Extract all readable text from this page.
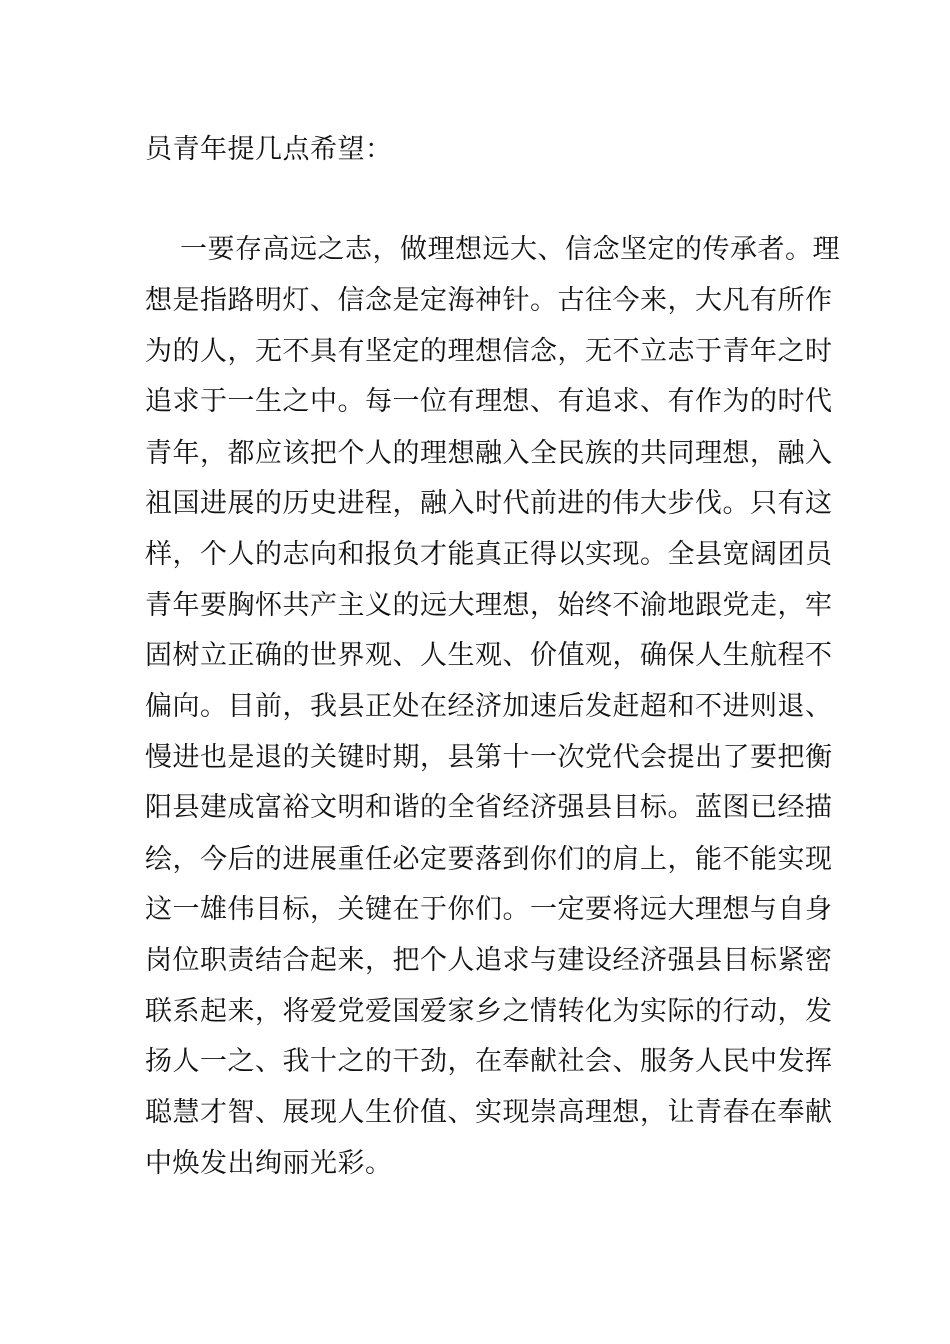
员青年提几点希望：
一要存高远之志，做理想远大、信念坚定的传承者。理
想是指路明灯、信念是定海神针。古往今来，大凡有所作
为的人，无不具有坚定的理想信念，无不立志于青年之时
追求于一生之中。每一位有理想、有追求、有作为的时代
青年，都应该把个人的理想融入全民族的共同理想，融入
祖国进展的历史进程，融入时代前进的伟大步伐。只有这
样，个人的志向和报负才能真正得以实现。全县宽阔团员
青年要胸怀共产主义的远大理想，始终不渝地跟党走，牢
固树立正确的世界观、人生观、价值观，确保人生航程不
偏向。目前，我县正处在经济加速后发赶超和不进则退、
慢进也是退的关键时期，县第十一次党代会提出了要把衡
阳县建成富裕文明和谐的全省经济强县目标。蓝图已经描
绘，今后的进展重任必定要落到你们的肩上，能不能实现
这一雄伟目标，关键在于你们。一定要将远大理想与自身
岗位职责结合起来，把个人追求与建设经济强县目标紧密
联系起来，将爱党爱国爱家乡之情转化为实际的行动，发
扬人一之、我十之的干劲，在奉献社会、服务人民中发挥
聪慧才智、展现人生价值、实现崇高理想，让青春在奉献
中焕发出绚丽光彩。
